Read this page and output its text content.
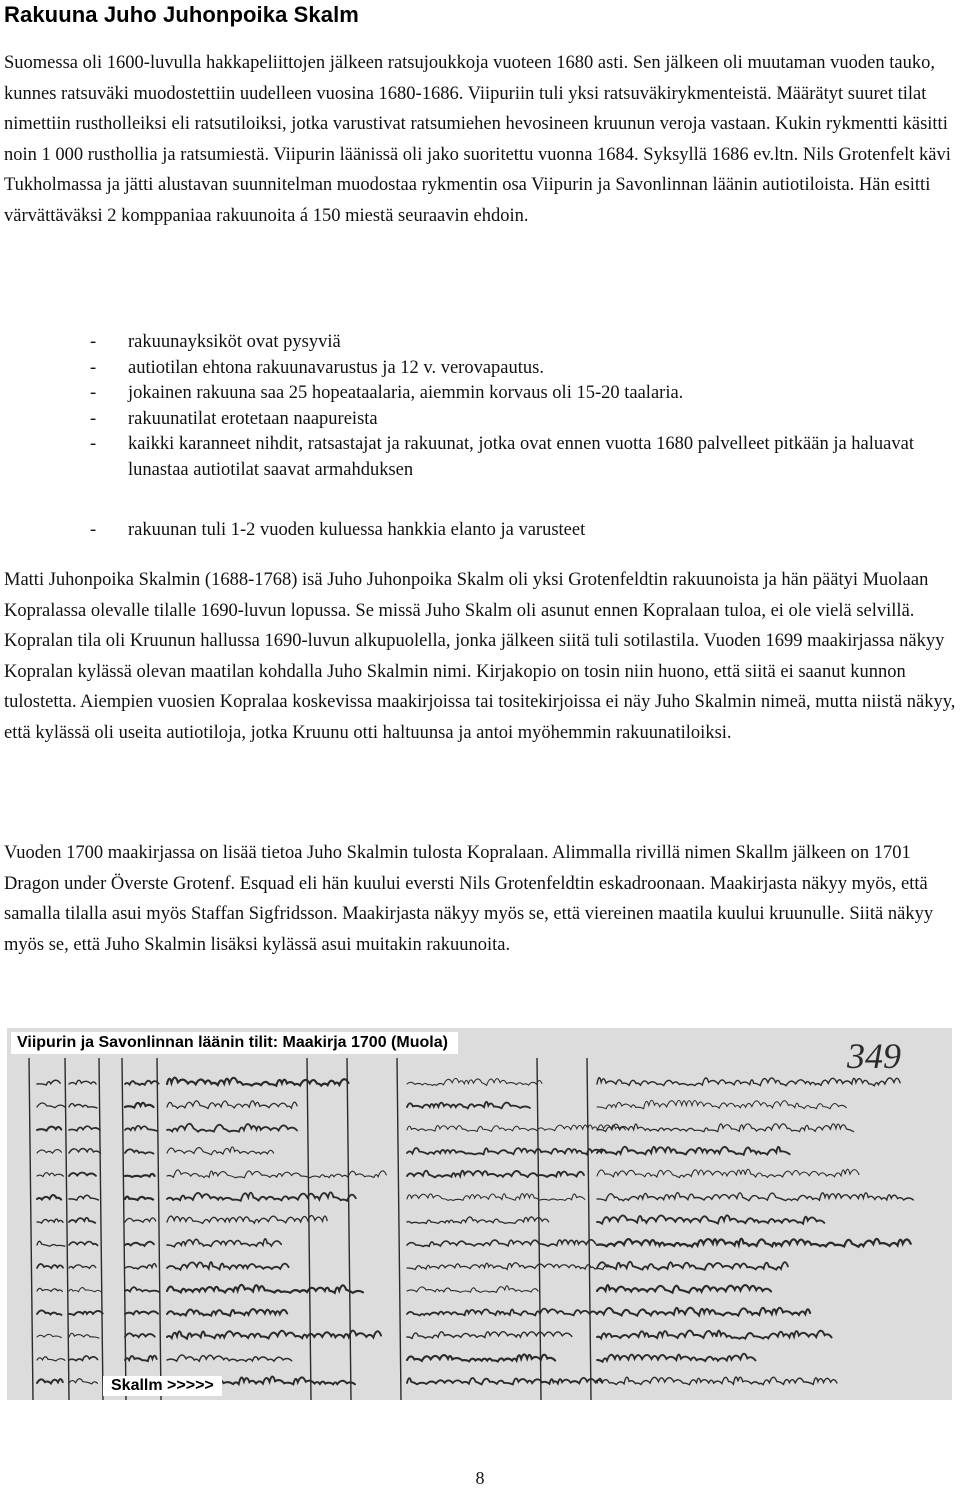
Rakuuna Juho Juhonpoika Skalm

Suomessa oli 1600-luvulla hakkapeliittojen jälkeen ratsujoukkoja vuoteen 1680 asti. Sen jälkeen oli muutaman vuoden tauko, kunnes ratsuväki muodostettiin uudelleen vuosina 1680-1686. Viipuriin tuli yksi ratsuväkirykmenteistä. Määrätyt suuret tilat nimettiin rustholleiksi eli ratsutiloiksi, jotka varustivat ratsumiehen hevosineen kruunun veroja vastaan. Kukin rykmentti käsitti noin 1 000 rusthollia ja ratsumiestä. Viipurin läänissä oli jako suoritettu vuonna 1684. Syksyllä 1686 ev.ltn. Nils Grotenfelt kävi Tukholmassa ja jätti alustavan suunnitelman muodostaa rykmentin osa Viipurin ja Savonlinnan läänin autiotiloista. Hän esitti värvättäväksi 2 komppaniaa rakuunoita á 150 miestä seuraavin ehdoin.

- rakuunayksiköt ovat pysyviä
- autiotilan ehtona rakuunavarustus ja 12 v. verovapautus.
- jokainen rakuuna saa 25 hopeataalaria, aiemmin korvaus oli 15-20 taalaria.
- rakuunatilat erotetaan naapureista
- kaikki karanneet nihdit, ratsastajat ja rakuunat, jotka ovat ennen vuotta 1680 palvelleet pitkään ja haluavat lunastaa autiotilat saavat armahduksen
- rakuunan tuli 1-2 vuoden kuluessa hankkia elanto ja varusteet

Matti Juhonpoika Skalmin (1688-1768) isä Juho Juhonpoika Skalm oli yksi Grotenfeldtin rakuunoista ja hän päätyi Muolaan Kopralassa olevalle tilalle 1690-luvun lopussa. Se missä Juho Skalm oli asunut ennen Kopralaan tuloa, ei ole vielä selvillä. Kopralan tila oli Kruunun hallussa 1690-luvun alkupuolella, jonka jälkeen siitä tuli sotilastila. Vuoden 1699 maakirjassa näkyy Kopralan kylässä olevan maatilan kohdalla Juho Skalmin nimi. Kirjakopio on tosin niin huono, että siitä ei saanut kunnon tulostetta. Aiempien vuosien Kopralaa koskevissa maakirjoissa tai tositekirjoissa ei näy Juho Skalmin nimeä, mutta niistä näkyy, että kylässä oli useita autiotiloja, jotka Kruunu otti haltuunsa ja antoi myöhemmin rakuunatiloiksi.

Vuoden 1700 maakirjassa on lisää tietoa Juho Skalmin tulosta Kopralaan. Alimmalla rivillä nimen Skallm jälkeen on 1701 Dragon under Överste Grotenf. Esquad eli hän kuului eversti Nils Grotenfeldtin eskadroonaan. Maakirjasta näkyy myös, että samalla tilalla asui myös Staffan Sigfridsson. Maakirjasta näkyy myös se, että viereinen maatila kuului kruunulle. Siitä näkyy myös se, että Juho Skalmin lisäksi kylässä asui muitakin rakuunoita.

349
Viipurin ja Savonlinnan läänin tilit: Maakirja 1700 (Muola)
Skallm >>>>>
8
